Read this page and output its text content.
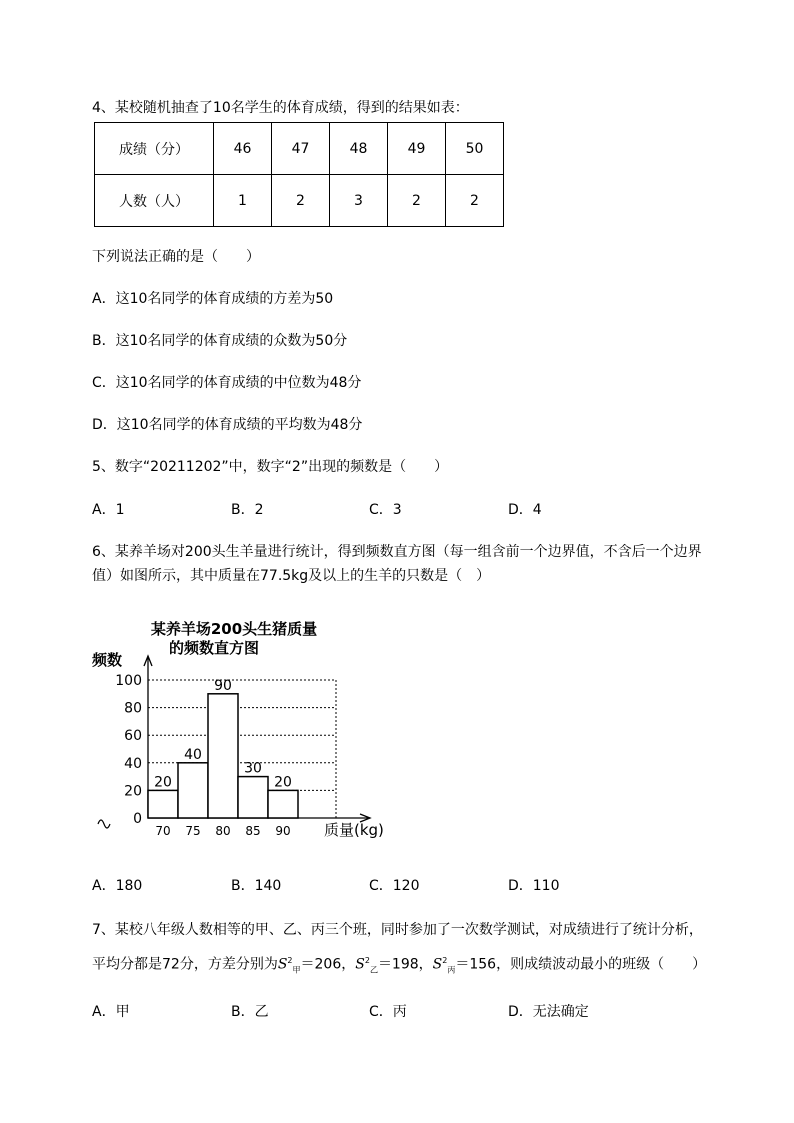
4、某校随机抽查了10名学生的体育成绩，得到的结果如表：
成绩（分）	46	47	48	49	50
人数（人）	1	2	3	2	2
下列说法正确的是（　　）
A．这10名同学的体育成绩的方差为50
B．这10名同学的体育成绩的众数为50分
C．这10名同学的体育成绩的中位数为48分
D．这10名同学的体育成绩的平均数为48分
5、数字“20211202”中，数字“2”出现的频数是（　　）
A．1	B．2	C．3	D．4
6、某养羊场对200头生羊量进行统计，得到频数直方图（每一组含前一个边界值，不含后一个边界
值）如图所示，其中质量在77.5kg及以上的生羊的只数是（　）
0
20
40
60
80
100
20
70
40
75
90
80
30
85
20
90
某养羊场200头生猪质量
的频数直方图
频数
质量(kg)
A．180	B．140	C．120	D．110
7、某校八年级人数相等的甲、乙、丙三个班，同时参加了一次数学测试，对成绩进行了统计分析，
平均分都是72分，方差分别为$S^2_甲=206$，$S^2_乙=198$，$S^2_丙=156$，则成绩波动最小的班级（　　）
A．甲	B．乙	C．丙	D．无法确定
